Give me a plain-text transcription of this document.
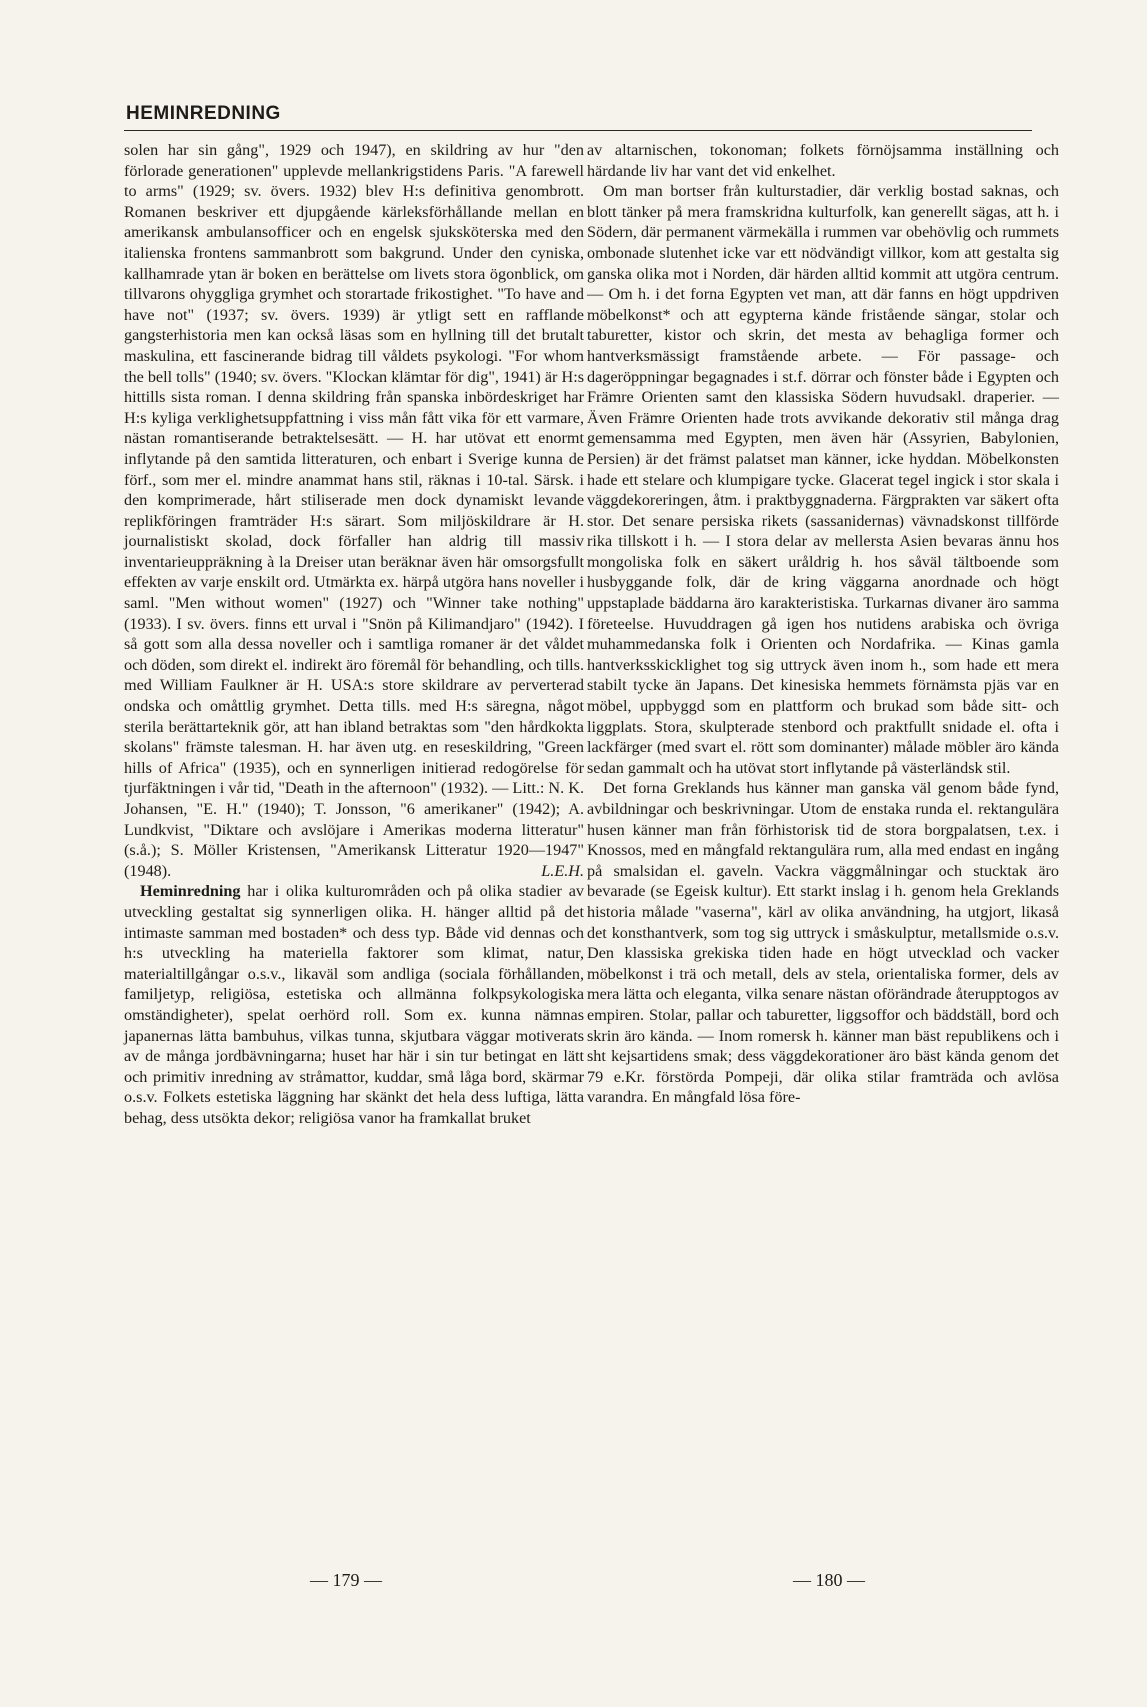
HEMINREDNING

solen har sin gång", 1929 och 1947), en skildring av hur "den förlorade generationen" upplevde mellankrigstidens Paris. "A farewell to arms" (1929; sv. övers. 1932) blev H:s definitiva genombrott. Romanen beskriver ett djupgående kärleksförhållande mellan en amerikansk ambulansofficer och en engelsk sjuksköterska med den italienska frontens sammanbrott som bakgrund. Under den cyniska, kallhamrade ytan är boken en berättelse om livets stora ögonblick, om tillvarons ohyggliga grymhet och storartade frikostighet. "To have and have not" (1937; sv. övers. 1939) är ytligt sett en rafflande gangsterhistoria men kan också läsas som en hyllning till det brutalt maskulina, ett fascinerande bidrag till våldets psykologi. "For whom the bell tolls" (1940; sv. övers. "Klockan klämtar för dig", 1941) är H:s hittills sista roman. I denna skildring från spanska inbördeskriget har H:s kyliga verklighetsuppfattning i viss mån fått vika för ett varmare, nästan romantiserande betraktelsesätt. — H. har utövat ett enormt inflytande på den samtida litteraturen, och enbart i Sverige kunna de förf., som mer el. mindre anammat hans stil, räknas i 10-tal. Särsk. i den komprimerade, hårt stiliserade men dock dynamiskt levande replikföringen framträder H:s särart. Som miljöskildrare är H. journalistiskt skolad, dock förfaller han aldrig till massiv inventarieuppräkning à la Dreiser utan beräknar även här omsorgsfullt effekten av varje enskilt ord. Utmärkta ex. härpå utgöra hans noveller i saml. "Men without women" (1927) och "Winner take nothing" (1933). I sv. övers. finns ett urval i "Snön på Kilimandjaro" (1942). I så gott som alla dessa noveller och i samtliga romaner är det våldet och döden, som direkt el. indirekt äro föremål för behandling, och tills. med William Faulkner är H. USA:s store skildrare av perverterad ondska och omåttlig grymhet. Detta tills. med H:s säregna, något sterila berättarteknik gör, att han ibland betraktas som "den hårdkokta skolans" främste talesman. H. har även utg. en reseskildring, "Green hills of Africa" (1935), och en synnerligen initierad redogörelse för tjurfäktningen i vår tid, "Death in the afternoon" (1932). — Litt.: N. K. Johansen, "E. H." (1940); T. Jonsson, "6 amerikaner" (1942); A. Lundkvist, "Diktare och avslöjare i Amerikas moderna litteratur" (s.å.); S. Möller Kristensen, "Amerikansk Litteratur 1920—1947" (1948).	L.E.H.

Heminredning har i olika kulturområden och på olika stadier av utveckling gestaltat sig synnerligen olika. H. hänger alltid på det intimaste samman med bostaden* och dess typ. Både vid dennas och h:s utveckling ha materiella faktorer som klimat, natur, materialtillgångar o.s.v., likaväl som andliga (sociala förhållanden, familjetyp, religiösa, estetiska och allmänna folkpsykologiska omständigheter), spelat oerhörd roll. Som ex. kunna nämnas japanernas lätta bambuhus, vilkas tunna, skjutbara väggar motiverats av de många jordbävningarna; huset har här i sin tur betingat en lätt och primitiv inredning av stråmattor, kuddar, små låga bord, skärmar o.s.v. Folkets estetiska läggning har skänkt det hela dess luftiga, lätta behag, dess utsökta dekor; religiösa vanor ha framkallat bruket

av altarnischen, tokonoman; folkets förnöjsamma inställning och härdande liv har vant det vid enkelhet.

Om man bortser från kulturstadier, där verklig bostad saknas, och blott tänker på mera framskridna kulturfolk, kan generellt sägas, att h. i Södern, där permanent värmekälla i rummen var obehövlig och rummets ombonade slutenhet icke var ett nödvändigt villkor, kom att gestalta sig ganska olika mot i Norden, där härden alltid kommit att utgöra centrum. — Om h. i det forna Egypten vet man, att där fanns en högt uppdriven möbelkonst* och att egypterna kände fristående sängar, stolar och taburetter, kistor och skrin, det mesta av behagliga former och hantverksmässigt framstående arbete. — För passage- och dageröppningar begagnades i st.f. dörrar och fönster både i Egypten och Främre Orienten samt den klassiska Södern huvudsakl. draperier. — Även Främre Orienten hade trots avvikande dekorativ stil många drag gemensamma med Egypten, men även här (Assyrien, Babylonien, Persien) är det främst palatset man känner, icke hyddan. Möbelkonsten hade ett stelare och klumpigare tycke. Glacerat tegel ingick i stor skala i väggdekoreringen, åtm. i praktbyggnaderna. Färgprakten var säkert ofta stor. Det senare persiska rikets (sassanidernas) vävnadskonst tillförde rika tillskott i h. — I stora delar av mellersta Asien bevaras ännu hos mongoliska folk en säkert uråldrig h. hos såväl tältboende som husbyggande folk, där de kring väggarna anordnade och högt uppstaplade bäddarna äro karakteristiska. Turkarnas divaner äro samma företeelse. Huvuddragen gå igen hos nutidens arabiska och övriga muhammedanska folk i Orienten och Nordafrika. — Kinas gamla hantverksskicklighet tog sig uttryck även inom h., som hade ett mera stabilt tycke än Japans. Det kinesiska hemmets förnämsta pjäs var en möbel, uppbyggd som en plattform och brukad som både sitt- och liggplats. Stora, skulpterade stenbord och praktfullt snidade el. ofta i lackfärger (med svart el. rött som dominanter) målade möbler äro kända sedan gammalt och ha utövat stort inflytande på västerländsk stil.

Det forna Greklands hus känner man ganska väl genom både fynd, avbildningar och beskrivningar. Utom de enstaka runda el. rektangulära husen känner man från förhistorisk tid de stora borgpalatsen, t.ex. i Knossos, med en mångfald rektangulära rum, alla med endast en ingång på smalsidan el. gaveln. Vackra väggmålningar och stucktak äro bevarade (se Egeisk kultur). Ett starkt inslag i h. genom hela Greklands historia målade "vaserna", kärl av olika användning, ha utgjort, likaså det konsthantverk, som tog sig uttryck i småskulptur, metallsmide o.s.v. Den klassiska grekiska tiden hade en högt utvecklad och vacker möbelkonst i trä och metall, dels av stela, orientaliska former, dels av mera lätta och eleganta, vilka senare nästan oförändrade återupptogos av empiren. Stolar, pallar och taburetter, liggsoffor och bäddställ, bord och skrin äro kända. — Inom romersk h. känner man bäst republikens och i sht kejsartidens smak; dess väggdekorationer äro bäst kända genom det 79 e.Kr. förstörda Pompeji, där olika stilar framträda och avlösa varandra. En mångfald lösa före-

— 179 —	— 180 —
